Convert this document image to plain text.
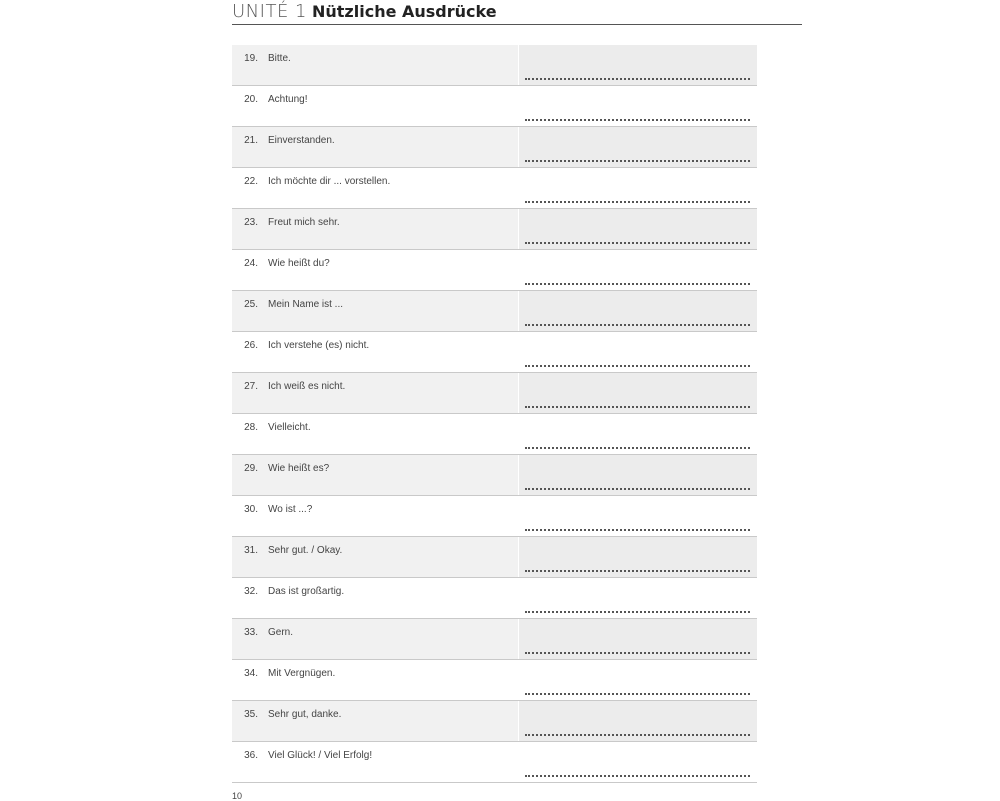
UNITÉ 1 Nützliche Ausdrücke
19. Bitte.
20. Achtung!
21. Einverstanden.
22. Ich möchte dir ... vorstellen.
23. Freut mich sehr.
24. Wie heißt du?
25. Mein Name ist ...
26. Ich verstehe (es) nicht.
27. Ich weiß es nicht.
28. Vielleicht.
29. Wie heißt es?
30. Wo ist ...?
31. Sehr gut. / Okay.
32. Das ist großartig.
33. Gern.
34. Mit Vergnügen.
35. Sehr gut, danke.
36. Viel Glück! / Viel Erfolg!
10
